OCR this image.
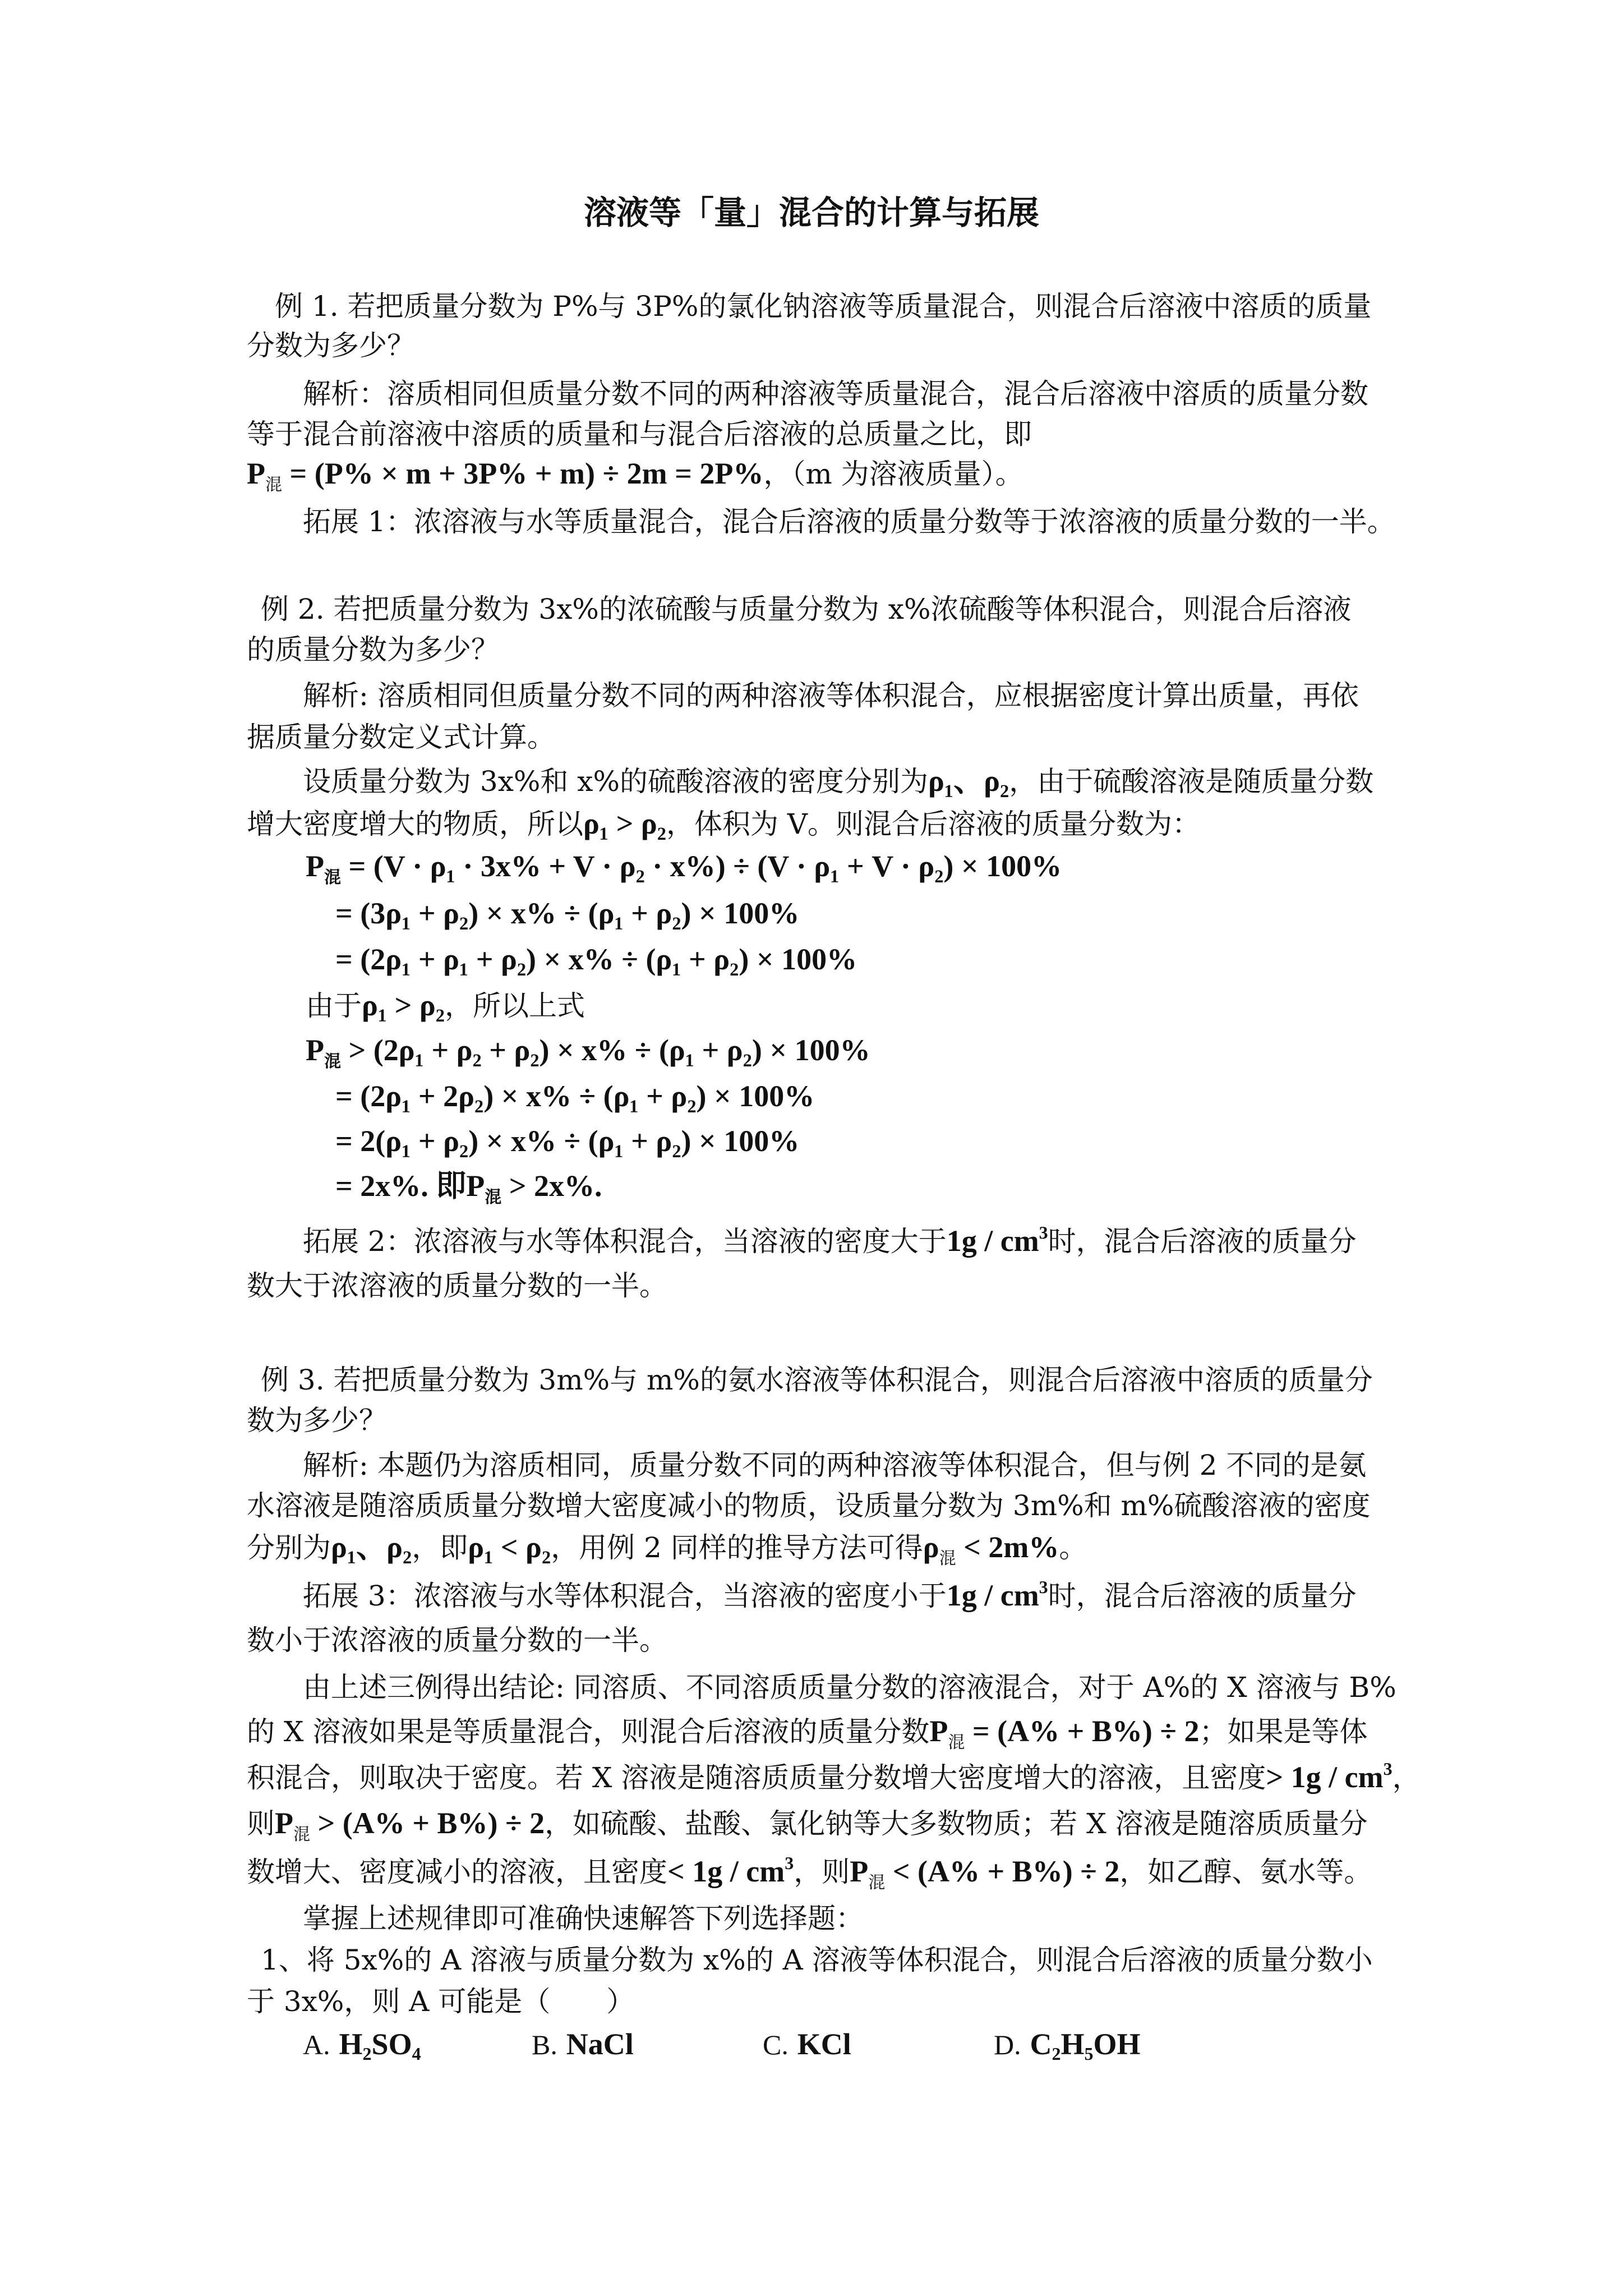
溶液等「量」混合的计算与拓展
例 1. 若把质量分数为 P%与 3P%的氯化钠溶液等质量混合，则混合后溶液中溶质的质量
分数为多少？
解析：溶质相同但质量分数不同的两种溶液等质量混合，混合后溶液中溶质的质量分数
等于混合前溶液中溶质的质量和与混合后溶液的总质量之比，即
$P_混 = (P\% \times m + 3P\% + m) \div 2m = 2P\%$，（m 为溶液质量）。
拓展 1：浓溶液与水等质量混合，混合后溶液的质量分数等于浓溶液的质量分数的一半。
例 2. 若把质量分数为 3x%的浓硫酸与质量分数为 x%浓硫酸等体积混合，则混合后溶液
的质量分数为多少？
解析: 溶质相同但质量分数不同的两种溶液等体积混合，应根据密度计算出质量，再依
据质量分数定义式计算。
设质量分数为 3x%和 x%的硫酸溶液的密度分别为ρ₁、ρ₂，由于硫酸溶液是随质量分数
增大密度增大的物质，所以ρ₁ > ρ₂，体积为 V。则混合后溶液的质量分数为：
$P_混 = (V \cdot \rho_1 \cdot 3x\% + V \cdot \rho_2 \cdot x\%) \div (V \cdot \rho_1 + V \cdot \rho_2) \times 100\%$
= (3ρ₁ + ρ₂) × x% ÷ (ρ₁ + ρ₂) × 100%
= (2ρ₁ + ρ₁ + ρ₂) × x% ÷ (ρ₁ + ρ₂) × 100%
由于ρ₁ > ρ₂，所以上式
$P_混 > (2\rho_1 + \rho_2 + \rho_2) \times x\% \div (\rho_1 + \rho_2) \times 100\%$
= (2ρ₁ + 2ρ₂) × x% ÷ (ρ₁ + ρ₂) × 100%
= 2(ρ₁ + ρ₂) × x% ÷ (ρ₁ + ρ₂) × 100%
= 2x%. 即$P_混 > 2x\%$.
拓展 2：浓溶液与水等体积混合，当溶液的密度大于$1g / cm^3$时，混合后溶液的质量分
数大于浓溶液的质量分数的一半。
例 3. 若把质量分数为 3m%与 m%的氨水溶液等体积混合，则混合后溶液中溶质的质量分
数为多少？
解析: 本题仍为溶质相同，质量分数不同的两种溶液等体积混合，但与例 2 不同的是氨
水溶液是随溶质质量分数增大密度减小的物质，设质量分数为 3m%和 m%硫酸溶液的密度
分别为ρ₁、ρ₂，即ρ₁ < ρ₂，用例 2 同样的推导方法可得$\rho_混 < 2m\%$。
拓展 3：浓溶液与水等体积混合，当溶液的密度小于$1g / cm^3$时，混合后溶液的质量分
数小于浓溶液的质量分数的一半。
由上述三例得出结论: 同溶质、不同溶质质量分数的溶液混合，对于 A%的 X 溶液与 B%
的 X 溶液如果是等质量混合，则混合后溶液的质量分数$P_混 = (A\% + B\%) \div 2$；如果是等体
积混合，则取决于密度。若 X 溶液是随溶质质量分数增大密度增大的溶液，且密度> $1g / cm^3$，
则$P_混 > (A\% + B\%) \div 2$，如硫酸、盐酸、氯化钠等大多数物质；若 X 溶液是随溶质质量分
数增大、密度减小的溶液，且密度< $1g / cm^3$，则$P_混 < (A\% + B\%) \div 2$，如乙醇、氨水等。
掌握上述规律即可准确快速解答下列选择题：
1、将 5x%的 A 溶液与质量分数为 x%的 A 溶液等体积混合，则混合后溶液的质量分数小
于 3x%，则 A 可能是（　　）
A. $H_2SO_4$	B. NaCl	C. KCl	D. $C_2H_5OH$
